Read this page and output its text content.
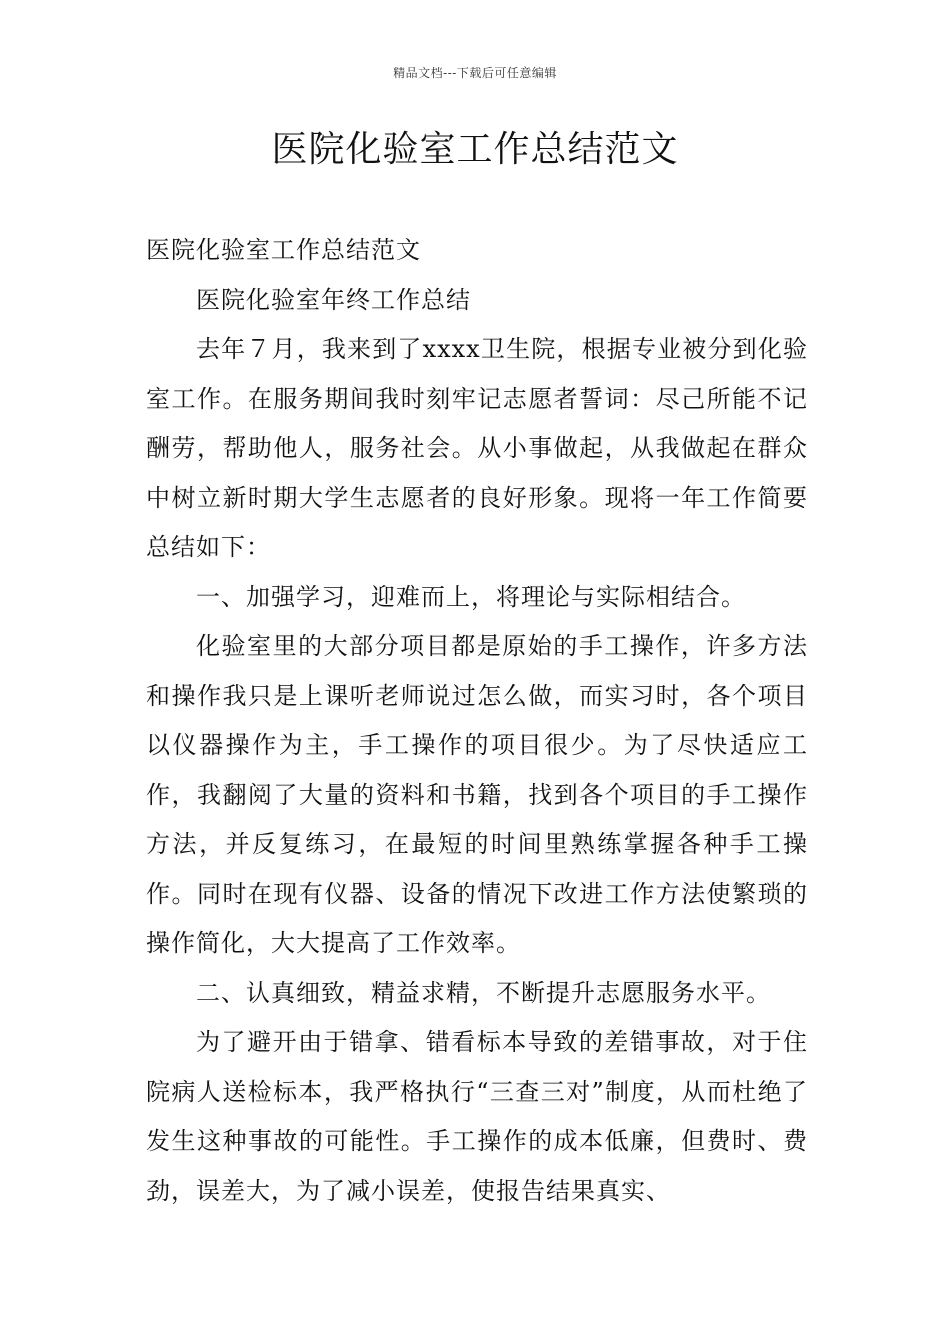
精品文档---下载后可任意编辑
医院化验室工作总结范文

医院化验室工作总结范文

医院化验室年终工作总结

去年７月，我来到了xxxx卫生院，根据专业被分到化验室工作。在服务期间我时刻牢记志愿者誓词：尽己所能不记酬劳，帮助他人，服务社会。从小事做起，从我做起在群众中树立新时期大学生志愿者的良好形象。现将一年工作简要总结如下：

一、加强学习，迎难而上，将理论与实际相结合。

化验室里的大部分项目都是原始的手工操作，许多方法和操作我只是上课听老师说过怎么做，而实习时，各个项目以仪器操作为主，手工操作的项目很少。为了尽快适应工作，我翻阅了大量的资料和书籍，找到各个项目的手工操作方法，并反复练习，在最短的时间里熟练掌握各种手工操作。同时在现有仪器、设备的情况下改进工作方法使繁琐的操作简化，大大提高了工作效率。

二、认真细致，精益求精，不断提升志愿服务水平。

为了避开由于错拿、错看标本导致的差错事故，对于住院病人送检标本，我严格执行“三查三对”制度，从而杜绝了发生这种事故的可能性。手工操作的成本低廉，但费时、费劲，误差大，为了减小误差，使报告结果真实、
